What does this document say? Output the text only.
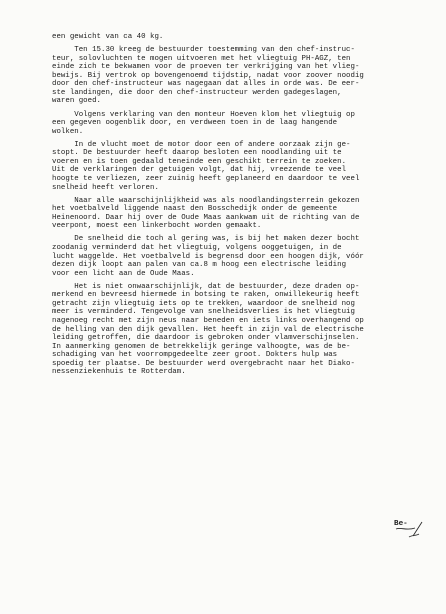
een gewicht van ca 40 kg.
Ten 15.30 kreeg de bestuurder toestemming van den chef-instruc-
teur, solovluchten te mogen uitvoeren met het vliegtuig PH-AGZ, ten
einde zich te bekwamen voor de proeven ter verkrijging van het vlieg-
bewijs. Bij vertrok op bovengenoemd tijdstip, nadat voor zoover noodig
door den chef-instructeur was nagegaan dat alles in orde was. De eer-
ste landingen, die door den chef-instructeur werden gadegeslagen,
waren goed.
Volgens verklaring van den monteur Hoeven klom het vliegtuig op
een gegeven oogenblik door, en verdween toen in de laag hangende
wolken.
In de vlucht moet de motor door een of andere oorzaak zijn ge-
stopt. De bestuurder heeft daarop besloten een noodlanding uit te
voeren en is toen gedaald teneinde een geschikt terrein te zoeken.
Uit de verklaringen der getuigen volgt, dat hij, vreezende te veel
hoogte te verliezen, zeer zuinig heeft geplaneerd en daardoor te veel
snelheid heeft verloren.
Naar alle waarschijnlijkheid was als noodlandingsterrein gekozen
het voetbalveld liggende naast den Bosschedijk onder de gemeente
Heinenoord. Daar hij over de Oude Maas aankwam uit de richting van de
veerpont, moest een linkerbocht worden gemaakt.
De snelheid die toch al gering was, is bij het maken dezer bocht
zoodanig verminderd dat het vliegtuig, volgens ooggetuigen, in de
lucht waggelde. Het voetbalveld is begrensd door een hoogen dijk, vóór
dezen dijk loopt aan palen van ca.8 m hoog een electrische leiding
voor een licht aan de Oude Maas.
Het is niet onwaarschijnlijk, dat de bestuurder, deze draden op-
merkend en bevreesd hiermede in botsing te raken, onwillekeurig heeft
getracht zijn vliegtuig iets op te trekken, waardoor de snelheid nog
meer is verminderd. Tengevolge van snelheidsverlies is het vliegtuig
nagenoeg recht met zijn neus naar beneden en iets links overhangend op
de helling van den dijk gevallen. Het heeft in zijn val de electrische
leiding getroffen, die daardoor is gebroken onder vlamverschijnselen.
In aanmerking genomen de betrekkelijk geringe valhoogte, was de be-
schadiging van het voorrompgedeelte zeer groot. Dokters hulp was
spoedig ter plaatse. De bestuurder werd overgebracht naar het Diako-
nessenziekenhuis te Rotterdam.
Be-
